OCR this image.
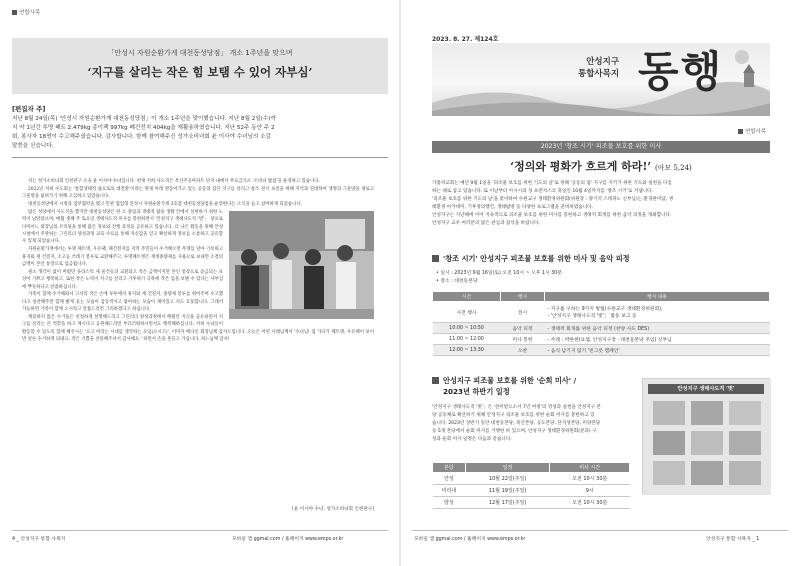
연합사목
「안성시 자원순환가게 대천동성당점」 개소 1주년을 맞으며
‘지구를 살리는 작은 힘 보탬 수 있어 자부심’
[편집자 주]
지난 8월 24일(목) '안성시 자원순환가게 대천동성당점」이 개소 1주년을 맞이했습니다. 지난 8월 2일(수)까
지 약 1년간 투명 페트 2,479kg 종이팩 997kg 폐건전지 404kg을 재활용하였습니다. 지난 52주 동안 주 2
회, 봉사자 18명이 수고해주셨습니다. 감사합니다. 함께 참여해주신 성가소비녀회 윤 이사야 수녀님의 소감
말씀을 싣습니다.

저는 성가소비녀회 인천관구 소속 윤 이사야 수녀입니다. 현재 저희 사도직은 옥산주공아파트 단지 내에서 무료급식소 '소비녀 밥집'을 운영하고 있습니다.

2022년 저희 수도회는 '통합생태적 삶으로의 대전환'이라는 명제 아래 명동어가고 있는 공동의 집인 지구를 살리고 창조 질서 보전을 위해 지역과 연대하여 생명의 그물망을 새로고 그물망을 넓혀가기 위해 고심하고 있었습니다.

대천동성당에서 시청과 업무협약을 맺고 민관 협업형 안성시 자원순환가게 3호점 대천동성당점을 운영한다는 소식을 듣고 참여하게 되었습니다.

많은 성당에서 사도직을 했지만 대천동성당은 한 소 종업과 생태적 삶을 생활 안에서 실현하기 위한 노력이 남달랐으며, 매월 셋째 주 토요일 생태사도직 미사를 봉헌하면서 '안성지구 생태사도직 '벗'」 창포로 다미어느 회장님의 브리핑을 통해 많은 정보와 진행 과정을 공유하고 있습니다. 더 나은 활동을 위해 안성시청에서 주관하는 그린리더 양성과정 교육 수료를 통해 자신감을 얻고 확실하게 정보를 소통하고 공유할 수 있게 되었습니다.

자원순환가게에서는 투명 페트병, 우유팩, 폐건전지를 지역 주민들이 수거해오면 무게를 달아 기록하고 휴지와 세 건전지, 소고등 쓰레기 봉투로 교환해주고, 투명페트병은 재생종량제를 사용으로 보내면 소결의 금액이 본인 통장으로 입금됩니다.

필소 생각이 없이 버렸던 플라스틱 새 물건들과 교환되고 적은 금액이지만 본인 통장으로 송금되는 보상이 기쁘고 행복하고, 또한 작은 노력이 지구를 살리고 기후위기 극복에 작은 힘을 보탤 수 있다는 자부심에 뿌듯하다고 말씀하십니다.

가족이 함께 수거해와서 고사리 작은 손에 투투에서 휴지와 새 건전지, 종량제 봉투를 쥐어주며 수고했다고 칭찬해주면 함께 밝게 웃는 모습이 감동적이고 좋아하는 모습이 계미있고 저도 흐뭇합니다. 그래서 가능하면 가족이 함께 오시라고 말씀드리면 그리하겠다고 하십니다.

깨끗하지 않은 수거품은 친절하게 설명해드리고 그린리더 양성과정에서 배웠던 지식을 공유하면서 지구를 살리는 큰 역할을 하고 계시다고 응원해드리면 부끄러워하시면서도 행복해하십니다. 저희 수녀들이 활동할 수 있도록 함께 해주시는 '으고 버리는 시대를 생각하는 모임(으시고)', 이미자 베다인 회장님께 감사드립니다. 오늘은 어떤 사례님께서 '수녀님! 집 가다가 페트병, 우유팩이 보이면 얼른 수거하게 되네요. 작은 기쁨을 선물해주셔서 감사해요.' 하면서 손을 흔들고 가십니다. 하느님께 감사!

[윤 이사야 수녀, 성가소비녀회 인천관구]
4 _ 안성지구 통합 사목지	모바일 앱 ggmal.com / 홈페이지 www.emps.or.kr
2023. 8. 27. 제124호
안성지구
통합사목지 동행
연합사목
2023년 '창조 시기' 피조물 보호를 위한 미사
‘정의와 평화가 흐르게 하라!’ (아모 5,24)
가톨릭교회는 매년 9월 1일을 '피조물 보호를 위한 기도의 날'로 정해 '공동의 집' 지구를 지키기 위한 기도와 실천을 다짐
하는 때로 삼고 있습니다. 또 이날부터 아시시의 성 프란치스코 축일인 10월 4일까지를 '창조 시기'로 지냅니다.
'피조물 보호를 위한 기도의 날'을 맞이하여 수원교구 생태환경위원회(위원장 : 양기석 스테파노 신부님)는 환경판미담, 생
태환경 아카데미, 기후정의행진, 생태탐방 등 다양한 프로그램을 준비하였습니다.
안성지구는 지난해에 이어 지속적으로 피조물 보호를 위한 미사를 봉헌하고 생태적 회개를 위한 음악 피정을 개최합니다.
안성지구 교우 여러분의 많은 관심과 참석을 바랍니다.
'창조 시기' 안성지구 피조물 보호를 위한 미사 및 음악 피정
• 일시 : 2023년 9월 16일(토) 오전 10시 ~ 오후 1시 30분
• 장소 : 대천동본당
시간	행사	행사 내용
사전 행사	전시	- 지구를 구하는 9가지 방법(수원교구 생태환경위원회),
- '안성지구 생태사도직 '벗'」 활동 보고 등

10:00 ~ 10:50	음악 피정	- 생태적 회개를 위한 음악 피정 (찬양 사도 DES)
11:00 ~ 12:00	미사 봉헌	- 주례 : 박한현(요셉, 안성지구장 · 대천동본당 주임) 신부님
12:00 ~ 13:30	오찬	- 음식 남기지 않기 '빈그릇 캠페인'
안성지구 피조물 보호를 위한 '순회 미사' /
2023년 하반기 일정
'안성지구 생태사도직 '벗'」은 '찬미받으소서 7년 여정'의 영성과 실천을 안성지구 본
당 공동체로 확산하기 위해 안성지구 피조물 보호를 위한 순회 미사를 봉헌하고 있
습니다. 2023년 상반기 동안 대천동본당, 죽산본당, 공도본당, 단지성본당, 미양본당
등 5개 본당에서 순회 미사를 거행한 바 있으며, 안성지구 생태환경위원회(분과) 구
성과 순회 미사 일정은 다음과 같습니다.
안성지구 생태사도직 '벗'
본당	일정	미사 시간
안성	10월 22일(주일)	오전 10시 30분
미리내	11월 19일(주일)	9시
양성	12월 17일(주일)	오전 10시 30분
모바일 앱 ggmal.com / 홈페이지 www.emps.or.kr	안성지구 통합 사목지 _ 1
